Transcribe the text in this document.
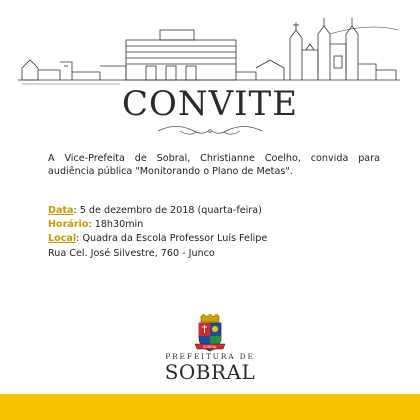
CONVITE
A Vice-Prefeita de Sobral, Christianne Coelho, convida para audiência pública "Monitorando o Plano de Metas".
Data: 5 de dezembro de 2018 (quarta-feira)
Horário: 18h30min
Local: Quadra da Escola Professor Luís Felipe
Rua Cel. José Silvestre, 760 - Junco
SOBRAL
PREFEITURA DE
SOBRAL
